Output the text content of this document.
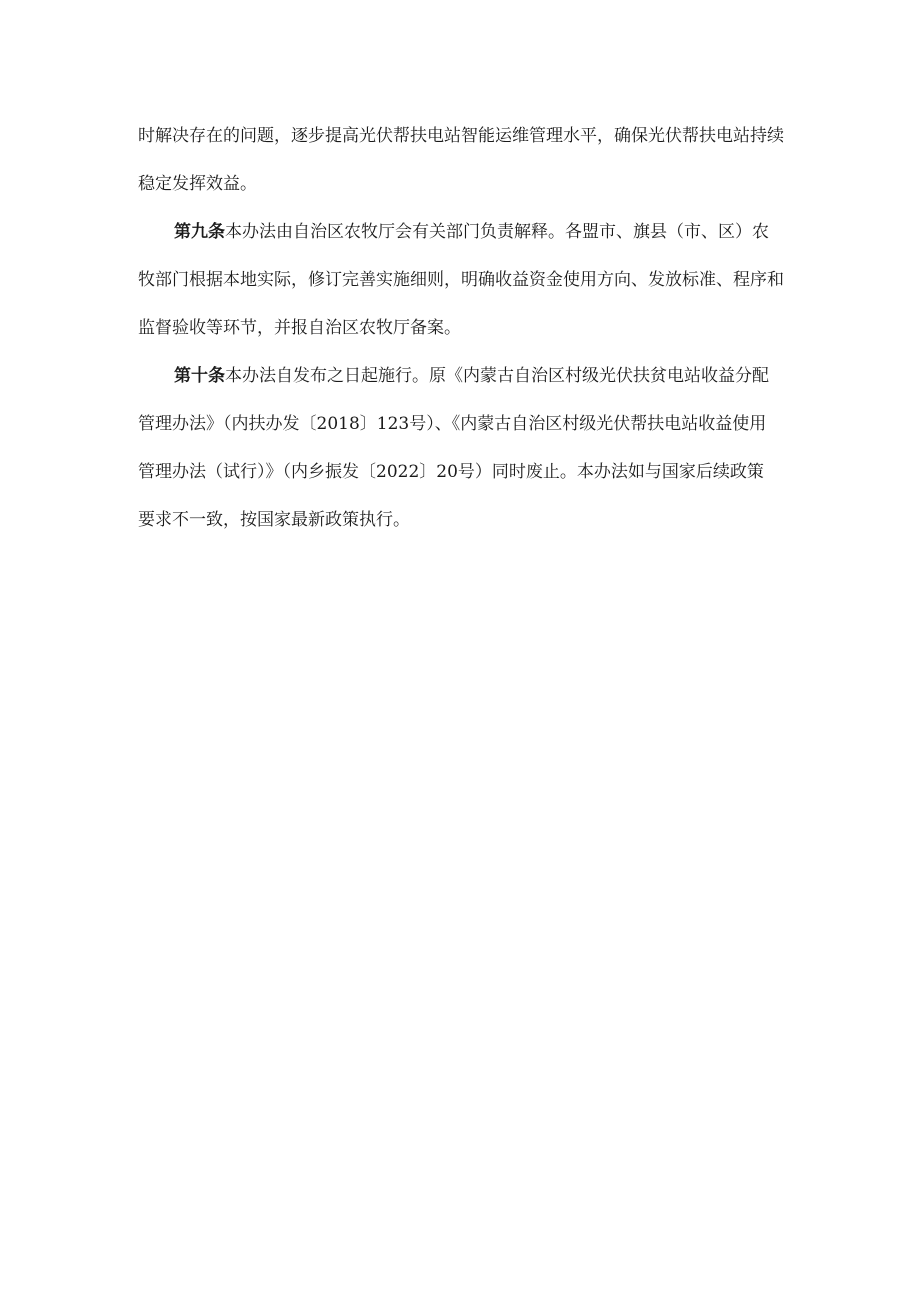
时解决存在的问题，逐步提高光伏帮扶电站智能运维管理水平，确保光伏帮扶电站持续
稳定发挥效益。
第九条本办法由自治区农牧厅会有关部门负责解释。各盟市、旗县（市、区）农
牧部门根据本地实际，修订完善实施细则，明确收益资金使用方向、发放标准、程序和
监督验收等环节，并报自治区农牧厅备案。
第十条本办法自发布之日起施行。原《内蒙古自治区村级光伏扶贫电站收益分配
管理办法》（内扶办发〔2018〕123号）、《内蒙古自治区村级光伏帮扶电站收益使用
管理办法（试行）》（内乡振发〔2022〕20号）同时废止。本办法如与国家后续政策
要求不一致，按国家最新政策执行。
